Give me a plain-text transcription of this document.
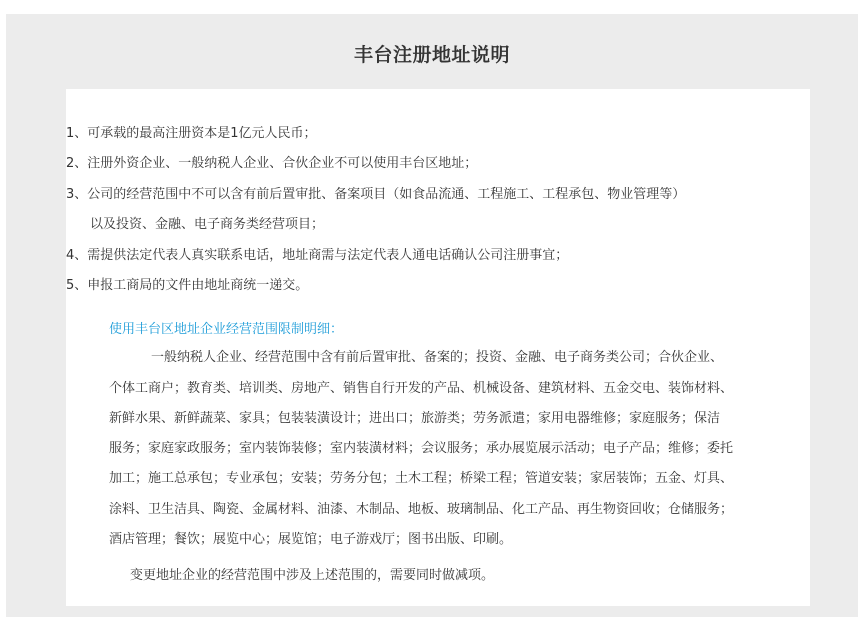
丰台注册地址说明
1、可承载的最高注册资本是1亿元人民币；
2、注册外资企业、一般纳税人企业、合伙企业不可以使用丰台区地址；
3、公司的经营范围中不可以含有前后置审批、备案项目（如食品流通、工程施工、工程承包、物业管理等）
以及投资、金融、电子商务类经营项目；
4、需提供法定代表人真实联系电话，地址商需与法定代表人通电话确认公司注册事宜；
5、申报工商局的文件由地址商统一递交。
使用丰台区地址企业经营范围限制明细：
一般纳税人企业、经营范围中含有前后置审批、备案的；投资、金融、电子商务类公司；合伙企业、
个体工商户；教育类、培训类、房地产、销售自行开发的产品、机械设备、建筑材料、五金交电、装饰材料、
新鲜水果、新鲜蔬菜、家具；包装装潢设计；进出口；旅游类；劳务派遣；家用电器维修；家庭服务；保洁
服务；家庭家政服务；室内装饰装修；室内装潢材料；会议服务；承办展览展示活动；电子产品；维修；委托
加工；施工总承包；专业承包；安装；劳务分包；土木工程；桥梁工程；管道安装；家居装饰；五金、灯具、
涂料、卫生洁具、陶瓷、金属材料、油漆、木制品、地板、玻璃制品、化工产品、再生物资回收；仓储服务；
酒店管理；餐饮；展览中心；展览馆；电子游戏厅；图书出版、印刷。
变更地址企业的经营范围中涉及上述范围的，需要同时做减项。
